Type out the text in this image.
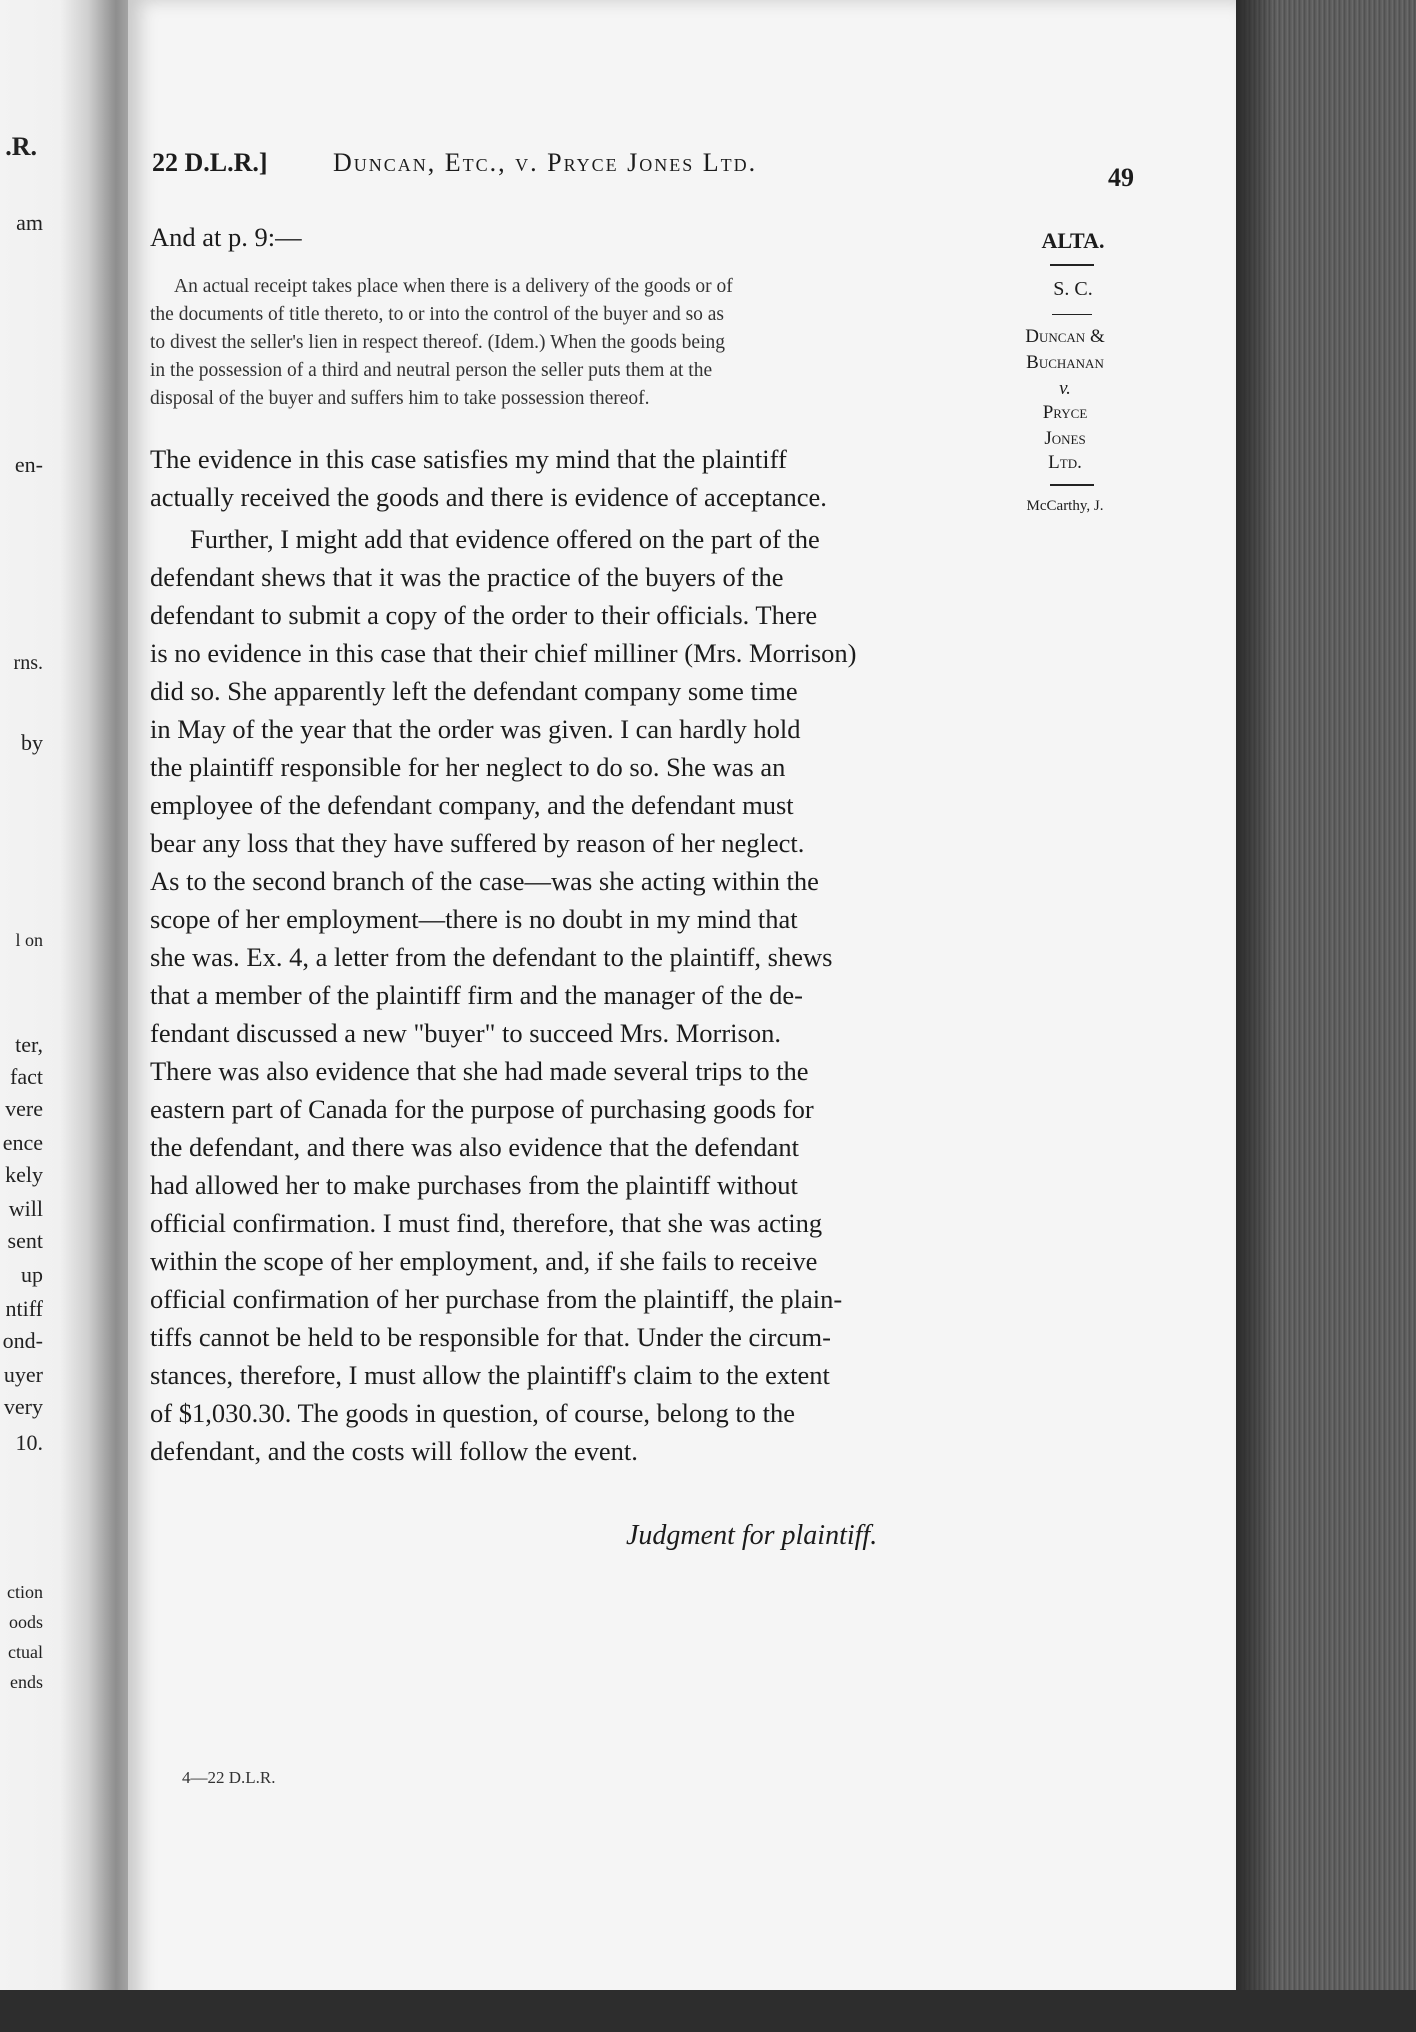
.R.
am
en-
rns.
by
l on
ter,
fact
vere
ence
kely
will
sent
up
ntiff
ond-
uyer
very
10.
ction
oods
ctual
ends
22 D.L.R.]	Duncan, Etc., v. Pryce Jones Ltd.
49
ALTA.
S. C.
Duncan &
Buchanan
v.
Pryce
Jones
Ltd.
McCarthy, J.
And at p. 9:—
An actual receipt takes place when there is a delivery of the goods or of
the documents of title thereto, to or into the control of the buyer and so as
to divest the seller's lien in respect thereof. (Idem.) When the goods being
in the possession of a third and neutral person the seller puts them at the
disposal of the buyer and suffers him to take possession thereof.
The evidence in this case satisfies my mind that the plaintiff
actually received the goods and there is evidence of acceptance.
Further, I might add that evidence offered on the part of the
defendant shews that it was the practice of the buyers of the
defendant to submit a copy of the order to their officials. There
is no evidence in this case that their chief milliner (Mrs. Morrison)
did so. She apparently left the defendant company some time
in May of the year that the order was given. I can hardly hold
the plaintiff responsible for her neglect to do so. She was an
employee of the defendant company, and the defendant must
bear any loss that they have suffered by reason of her neglect.
As to the second branch of the case—was she acting within the
scope of her employment—there is no doubt in my mind that
she was. Ex. 4, a letter from the defendant to the plaintiff, shews
that a member of the plaintiff firm and the manager of the de-
fendant discussed a new "buyer" to succeed Mrs. Morrison.
There was also evidence that she had made several trips to the
eastern part of Canada for the purpose of purchasing goods for
the defendant, and there was also evidence that the defendant
had allowed her to make purchases from the plaintiff without
official confirmation. I must find, therefore, that she was acting
within the scope of her employment, and, if she fails to receive
official confirmation of her purchase from the plaintiff, the plain-
tiffs cannot be held to be responsible for that. Under the circum-
stances, therefore, I must allow the plaintiff's claim to the extent
of $1,030.30. The goods in question, of course, belong to the
defendant, and the costs will follow the event.
Judgment for plaintiff.
4—22 D.L.R.
